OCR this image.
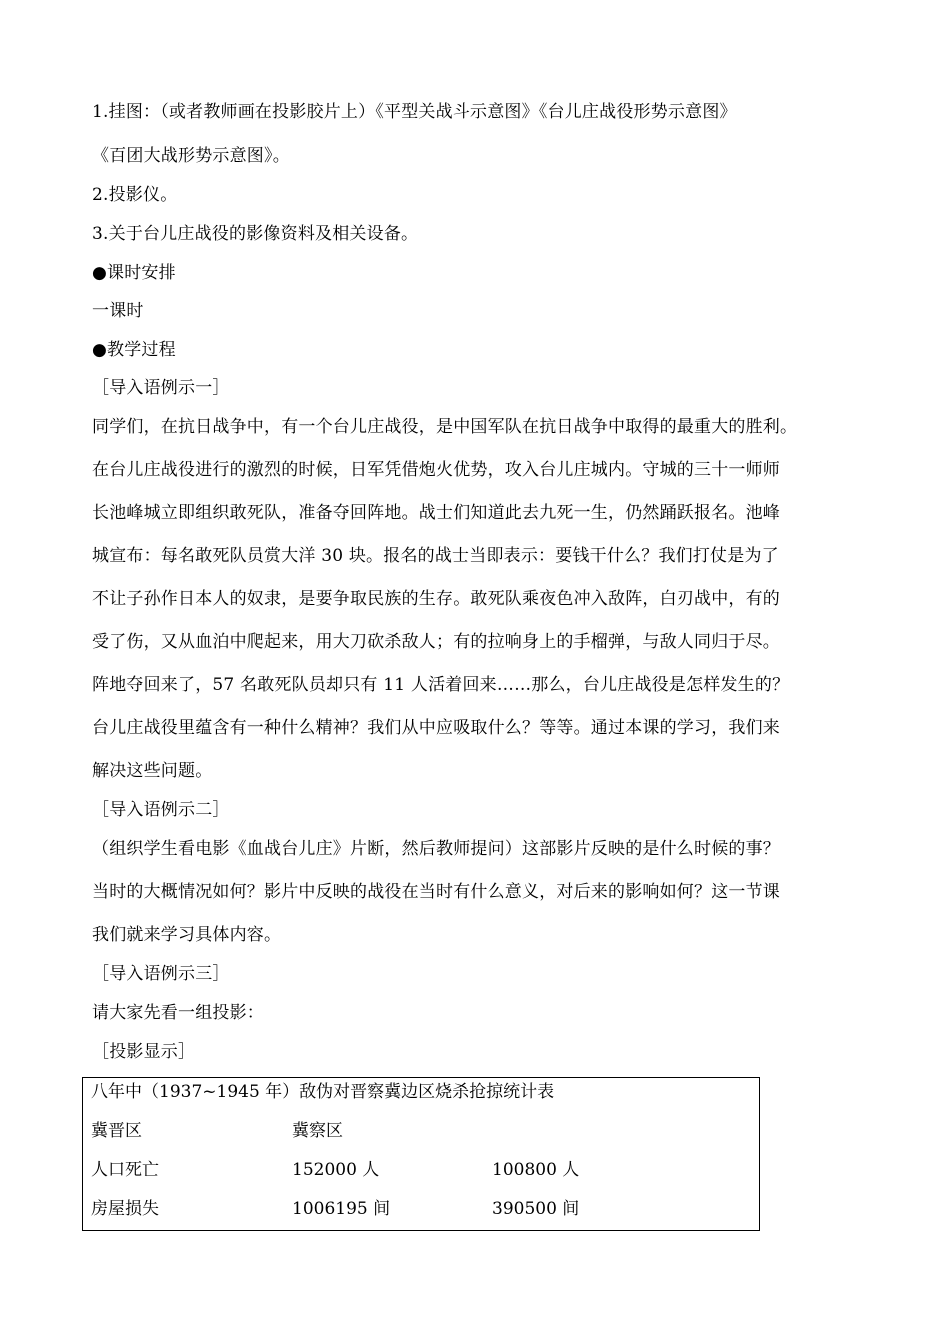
1.挂图：（或者教师画在投影胶片上）《平型关战斗示意图》《台儿庄战役形势示意图》
《百团大战形势示意图》。
2.投影仪。
3.关于台儿庄战役的影像资料及相关设备。
●课时安排
一课时
●教学过程
［导入语例示一］
同学们，在抗日战争中，有一个台儿庄战役，是中国军队在抗日战争中取得的最重大的胜利。
在台儿庄战役进行的激烈的时候，日军凭借炮火优势，攻入台儿庄城内。守城的三十一师师
长池峰城立即组织敢死队，准备夺回阵地。战士们知道此去九死一生，仍然踊跃报名。池峰
城宣布：每名敢死队员赏大洋 30 块。报名的战士当即表示：要钱干什么？我们打仗是为了
不让子孙作日本人的奴隶，是要争取民族的生存。敢死队乘夜色冲入敌阵，白刃战中，有的
受了伤，又从血泊中爬起来，用大刀砍杀敌人；有的拉响身上的手榴弹，与敌人同归于尽。
阵地夺回来了，57 名敢死队员却只有 11 人活着回来……那么，台儿庄战役是怎样发生的？
台儿庄战役里蕴含有一种什么精神？我们从中应吸取什么？等等。通过本课的学习，我们来
解决这些问题。
［导入语例示二］
（组织学生看电影《血战台儿庄》片断，然后教师提问）这部影片反映的是什么时候的事？
当时的大概情况如何？影片中反映的战役在当时有什么意义，对后来的影响如何？这一节课
我们就来学习具体内容。
［导入语例示三］
请大家先看一组投影：
［投影显示］
八年中（1937~1945 年）敌伪对晋察冀边区烧杀抢掠统计表
冀晋区	冀察区
人口死亡	152000 人	100800 人
房屋损失	1006195 间	390500 间
